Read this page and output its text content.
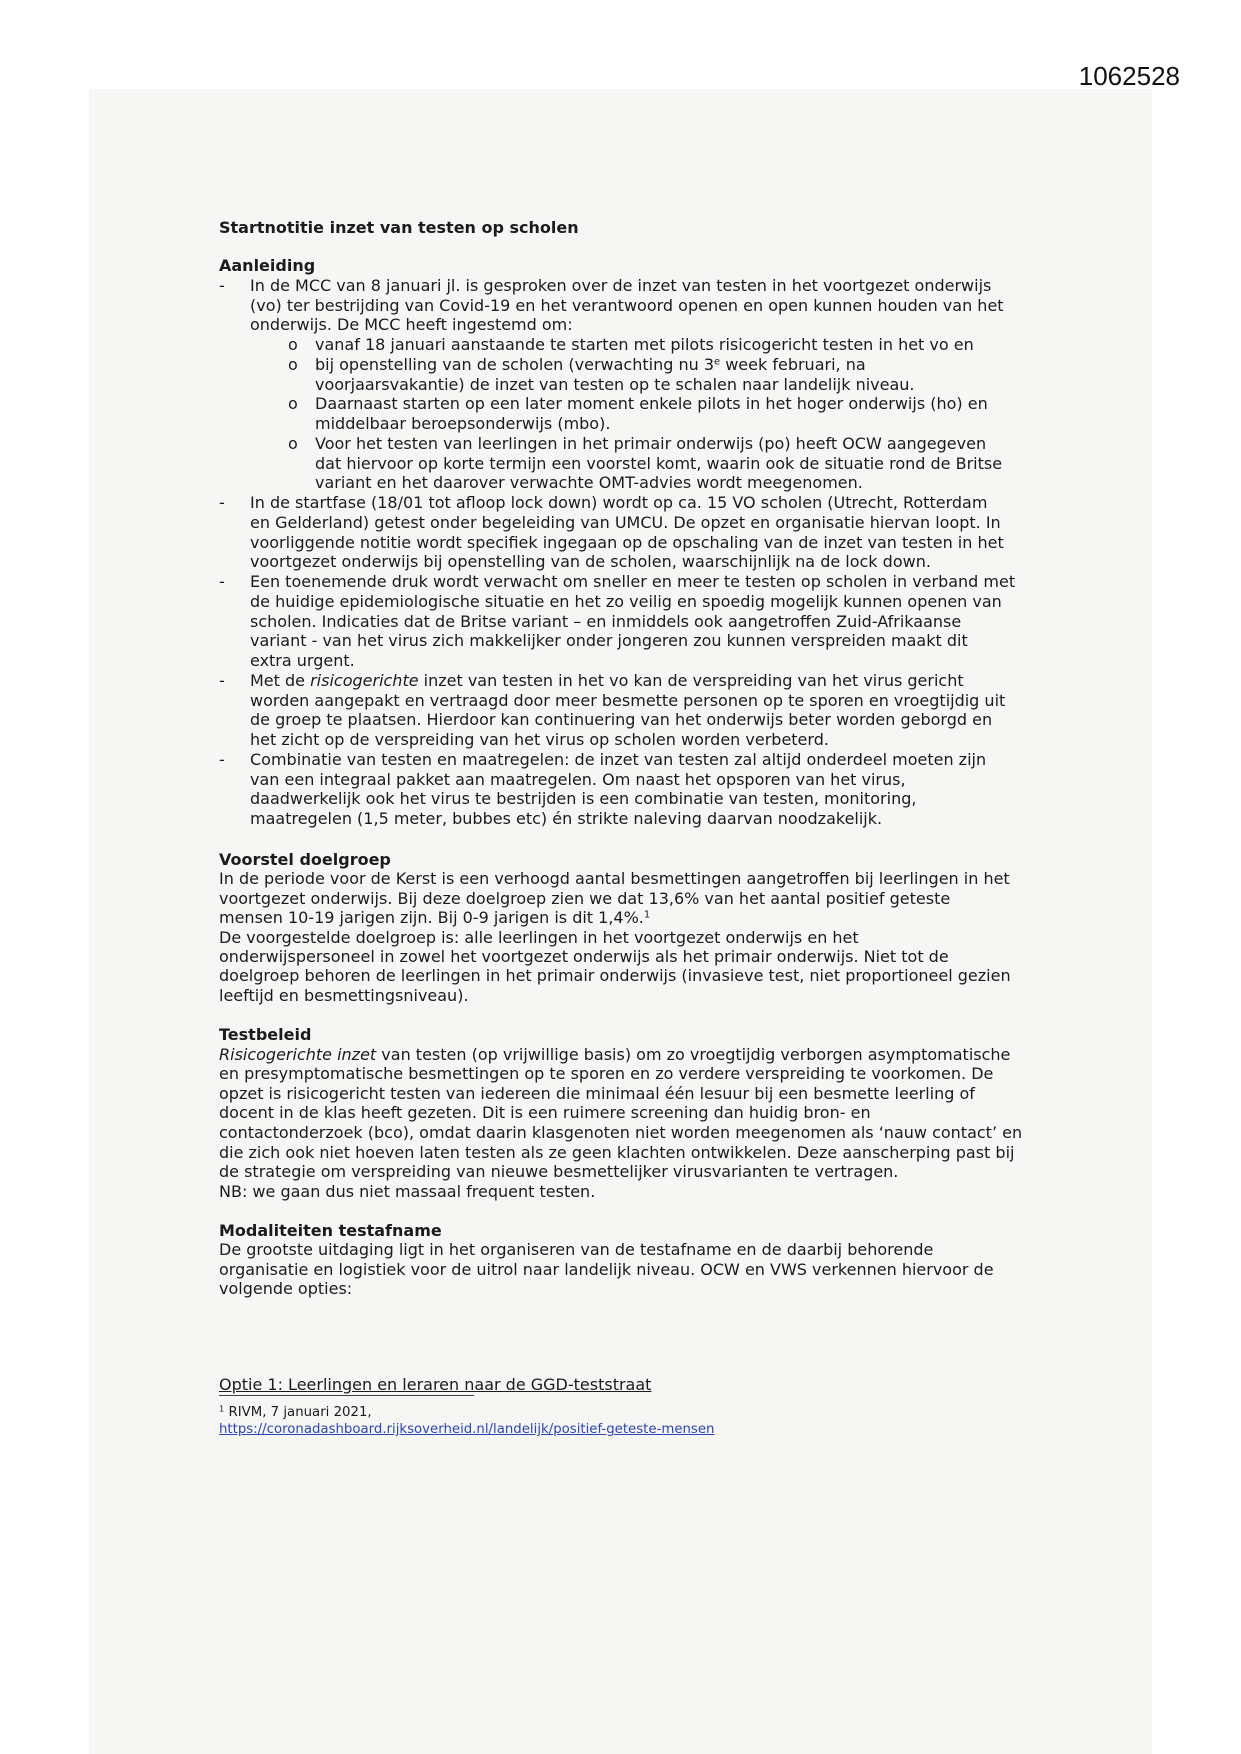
1062528
Startnotitie inzet van testen op scholen
Aanleiding
- In de MCC van 8 januari jl. is gesproken over de inzet van testen in het voortgezet onderwijs
(vo) ter bestrijding van Covid-19 en het verantwoord openen en open kunnen houden van het
onderwijs. De MCC heeft ingestemd om:
o vanaf 18 januari aanstaande te starten met pilots risicogericht testen in het vo en
o bij openstelling van de scholen (verwachting nu 3e week februari, na
voorjaarsvakantie) de inzet van testen op te schalen naar landelijk niveau.
o Daarnaast starten op een later moment enkele pilots in het hoger onderwijs (ho) en
middelbaar beroepsonderwijs (mbo).
o Voor het testen van leerlingen in het primair onderwijs (po) heeft OCW aangegeven
dat hiervoor op korte termijn een voorstel komt, waarin ook de situatie rond de Britse
variant en het daarover verwachte OMT-advies wordt meegenomen.
- In de startfase (18/01 tot afloop lock down) wordt op ca. 15 VO scholen (Utrecht, Rotterdam
en Gelderland) getest onder begeleiding van UMCU. De opzet en organisatie hiervan loopt. In
voorliggende notitie wordt specifiek ingegaan op de opschaling van de inzet van testen in het
voortgezet onderwijs bij openstelling van de scholen, waarschijnlijk na de lock down.
- Een toenemende druk wordt verwacht om sneller en meer te testen op scholen in verband met
de huidige epidemiologische situatie en het zo veilig en spoedig mogelijk kunnen openen van
scholen. Indicaties dat de Britse variant – en inmiddels ook aangetroffen Zuid-Afrikaanse
variant - van het virus zich makkelijker onder jongeren zou kunnen verspreiden maakt dit
extra urgent.
- Met de risicogerichte inzet van testen in het vo kan de verspreiding van het virus gericht
worden aangepakt en vertraagd door meer besmette personen op te sporen en vroegtijdig uit
de groep te plaatsen. Hierdoor kan continuering van het onderwijs beter worden geborgd en
het zicht op de verspreiding van het virus op scholen worden verbeterd.
- Combinatie van testen en maatregelen: de inzet van testen zal altijd onderdeel moeten zijn
van een integraal pakket aan maatregelen. Om naast het opsporen van het virus,
daadwerkelijk ook het virus te bestrijden is een combinatie van testen, monitoring,
maatregelen (1,5 meter, bubbes etc) én strikte naleving daarvan noodzakelijk.
Voorstel doelgroep
In de periode voor de Kerst is een verhoogd aantal besmettingen aangetroffen bij leerlingen in het
voortgezet onderwijs. Bij deze doelgroep zien we dat 13,6% van het aantal positief geteste
mensen 10-19 jarigen zijn. Bij 0-9 jarigen is dit 1,4%.$^1$
De voorgestelde doelgroep is: alle leerlingen in het voortgezet onderwijs en het
onderwijspersoneel in zowel het voortgezet onderwijs als het primair onderwijs. Niet tot de
doelgroep behoren de leerlingen in het primair onderwijs (invasieve test, niet proportioneel gezien
leeftijd en besmettingsniveau).
Testbeleid
Risicogerichte inzet van testen (op vrijwillige basis) om zo vroegtijdig verborgen asymptomatische
en presymptomatische besmettingen op te sporen en zo verdere verspreiding te voorkomen. De
opzet is risicogericht testen van iedereen die minimaal één lesuur bij een besmette leerling of
docent in de klas heeft gezeten. Dit is een ruimere screening dan huidig bron- en
contactonderzoek (bco), omdat daarin klasgenoten niet worden meegenomen als ‘nauw contact’ en
die zich ook niet hoeven laten testen als ze geen klachten ontwikkelen. Deze aanscherping past bij
de strategie om verspreiding van nieuwe besmettelijker virusvarianten te vertragen.
NB: we gaan dus niet massaal frequent testen.
Modaliteiten testafname
De grootste uitdaging ligt in het organiseren van de testafname en de daarbij behorende
organisatie en logistiek voor de uitrol naar landelijk niveau. OCW en VWS verkennen hiervoor de
volgende opties:
Optie 1: Leerlingen en leraren naar de GGD-teststraat
$^1$ RIVM, 7 januari 2021,
https://coronadashboard.rijksoverheid.nl/landelijk/positief-geteste-mensen
